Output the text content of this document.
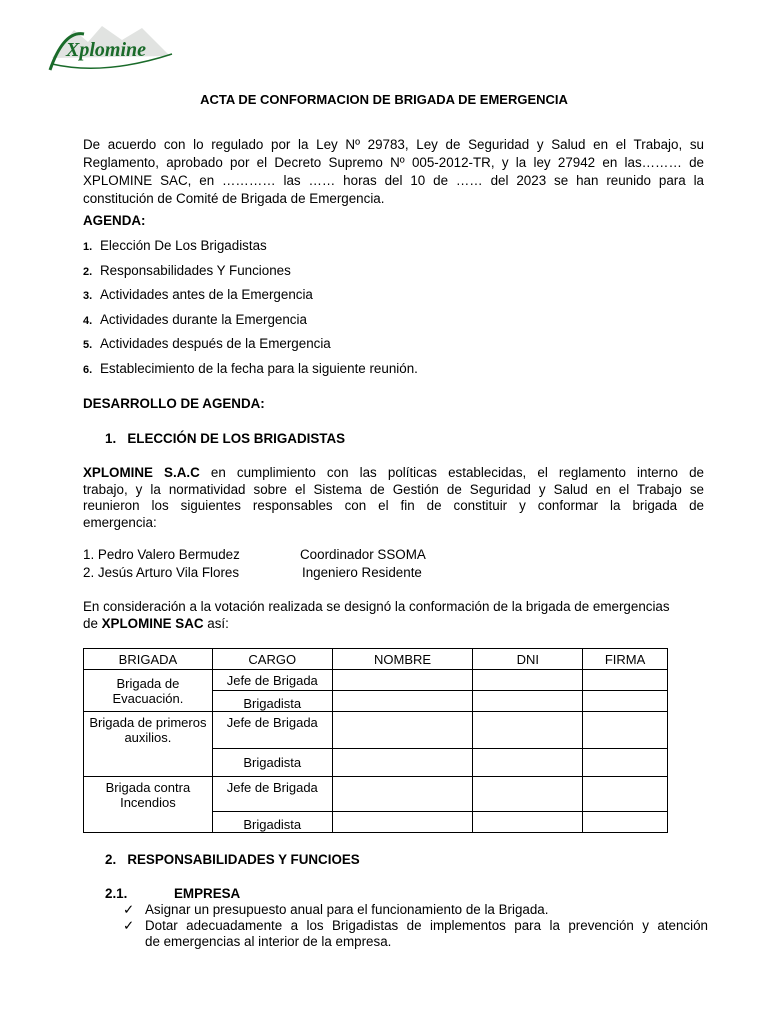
Xplomine
ACTA DE CONFORMACION DE BRIGADA DE EMERGENCIA
De acuerdo con lo regulado por la Ley Nº 29783, Ley de Seguridad y Salud en el Trabajo, su
Reglamento, aprobado por el Decreto Supremo Nº 005-2012-TR, y la ley 27942 en las……… de
XPLOMINE SAC, en ………… las …… horas del 10 de …… del 2023 se han reunido para la
constitución de Comité de Brigada de Emergencia.
AGENDA:
1. Elección De Los Brigadistas
2. Responsabilidades Y Funciones
3. Actividades antes de la Emergencia
4. Actividades durante la Emergencia
5. Actividades después de la Emergencia
6. Establecimiento de la fecha para la siguiente reunión.
DESARROLLO DE AGENDA:
1.   ELECCIÓN DE LOS BRIGADISTAS
XPLOMINE S.A.C en cumplimiento con las políticas establecidas, el reglamento interno de
trabajo, y la normatividad sobre el Sistema de Gestión de Seguridad y Salud en el Trabajo se
reunieron los siguientes responsables con el fin de constituir y conformar la brigada de
emergencia:
1. Pedro Valero Bermudez	Coordinador SSOMA
2. Jesús Arturo Vila Flores	Ingeniero Residente
En consideración a la votación realizada se designó la conformación de la brigada de emergencias
de XPLOMINE SAC así:
BRIGADA	CARGO	NOMBRE	DNI	FIRMA
Brigada de Evacuación.	Jefe de Brigada			
	Brigadista			
Brigada de primeros auxilios.	Jefe de Brigada			
	Brigadista			
Brigada contra Incendios	Jefe de Brigada			
	Brigadista			
2.   RESPONSABILIDADES Y FUNCIOES
2.1.	EMPRESA
✓ Asignar un presupuesto anual para el funcionamiento de la Brigada.
✓ Dotar adecuadamente a los Brigadistas de implementos para la prevención y atención
de emergencias al interior de la empresa.
